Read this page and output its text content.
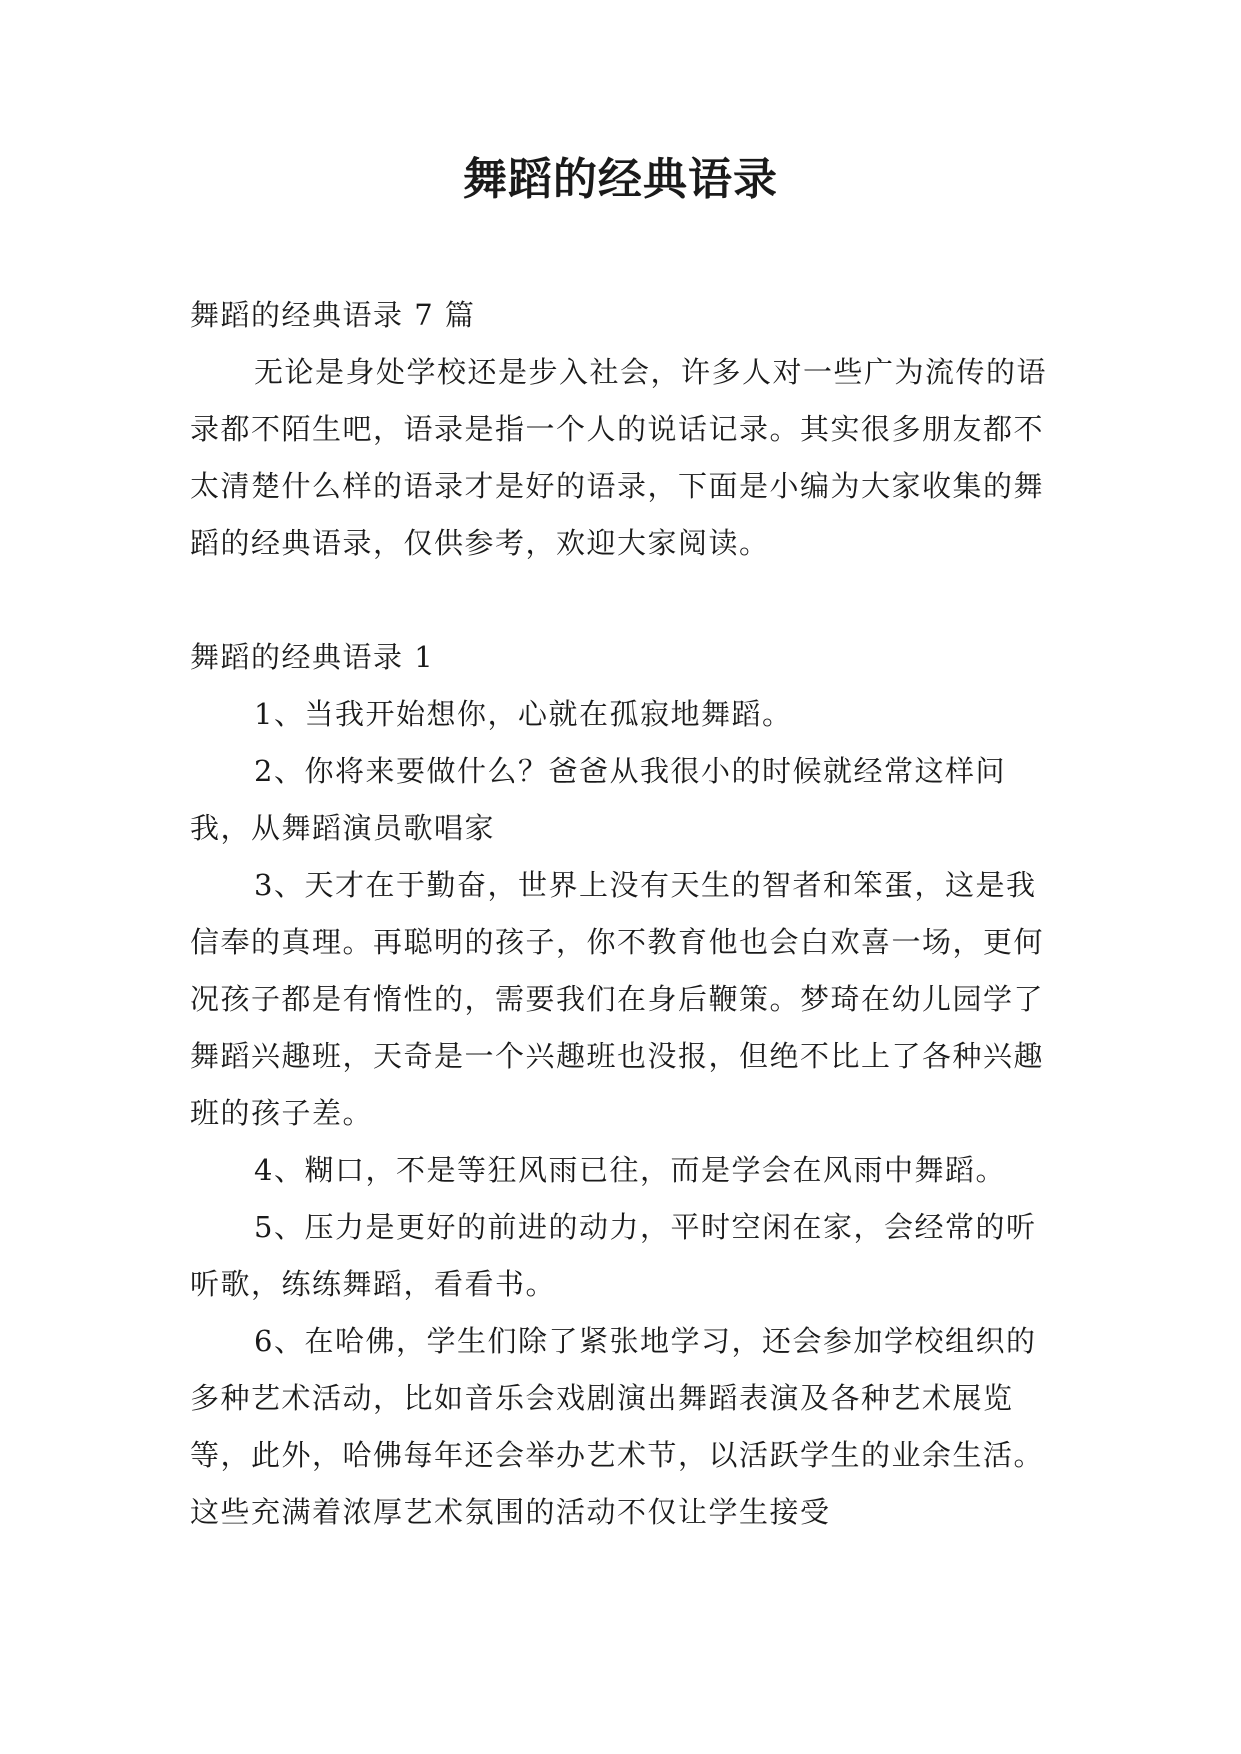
舞蹈的经典语录

舞蹈的经典语录 7 篇

无论是身处学校还是步入社会，许多人对一些广为流传的语录都不陌生吧，语录是指一个人的说话记录。其实很多朋友都不太清楚什么样的语录才是好的语录，下面是小编为大家收集的舞蹈的经典语录，仅供参考，欢迎大家阅读。

舞蹈的经典语录 1

1、当我开始想你，心就在孤寂地舞蹈。

2、你将来要做什么？爸爸从我很小的时候就经常这样问我，从舞蹈演员歌唱家

3、天才在于勤奋，世界上没有天生的智者和笨蛋，这是我信奉的真理。再聪明的孩子，你不教育他也会白欢喜一场，更何况孩子都是有惰性的，需要我们在身后鞭策。梦琦在幼儿园学了舞蹈兴趣班，天奇是一个兴趣班也没报，但绝不比上了各种兴趣班的孩子差。

4、糊口，不是等狂风雨已往，而是学会在风雨中舞蹈。

5、压力是更好的前进的动力，平时空闲在家，会经常的听听歌，练练舞蹈，看看书。

6、在哈佛，学生们除了紧张地学习，还会参加学校组织的多种艺术活动，比如音乐会戏剧演出舞蹈表演及各种艺术展览等，此外，哈佛每年还会举办艺术节，以活跃学生的业余生活。这些充满着浓厚艺术氛围的活动不仅让学生接受
